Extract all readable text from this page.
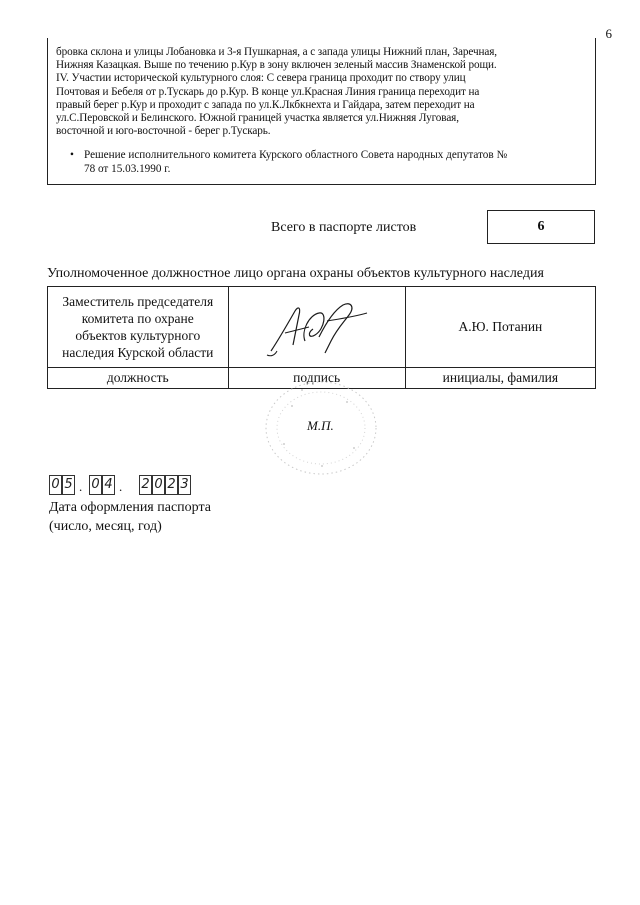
6
бровка склона и улицы Лобановка и 3-я Пушкарная, а с запада улицы Нижний план, Заречная,
Нижняя Казацкая. Выше по течению р.Кур в зону включен зеленый массив Знаменской рощи.
IV. Участии исторической культурного слоя: С севера граница проходит по створу улиц
Почтовая и Бебеля от р.Тускарь до р.Кур. В конце ул.Красная Линия граница переходит на
правый берег р.Кур и проходит с запада по ул.К.Лкбкнехта и Гайдара, затем переходит на
ул.С.Перовской и Белинского. Южной границей участка является ул.Нижняя Луговая,
восточной и юго-восточной - берег р.Тускарь.
• Решение исполнительного комитета Курского областного Совета народных депутатов №
78 от 15.03.1990 г.
Всего в паспорте листов	6
Уполномоченное должностное лицо органа охраны объектов культурного наследия
Заместитель председателя
комитета по охране
объектов культурного
наследия Курской области		А.Ю. Потанин
должность	подпись	инициалы, фамилия
М.П.
0 5 . 0 4 . 2 0 2 3
Дата оформления паспорта
(число, месяц, год)
